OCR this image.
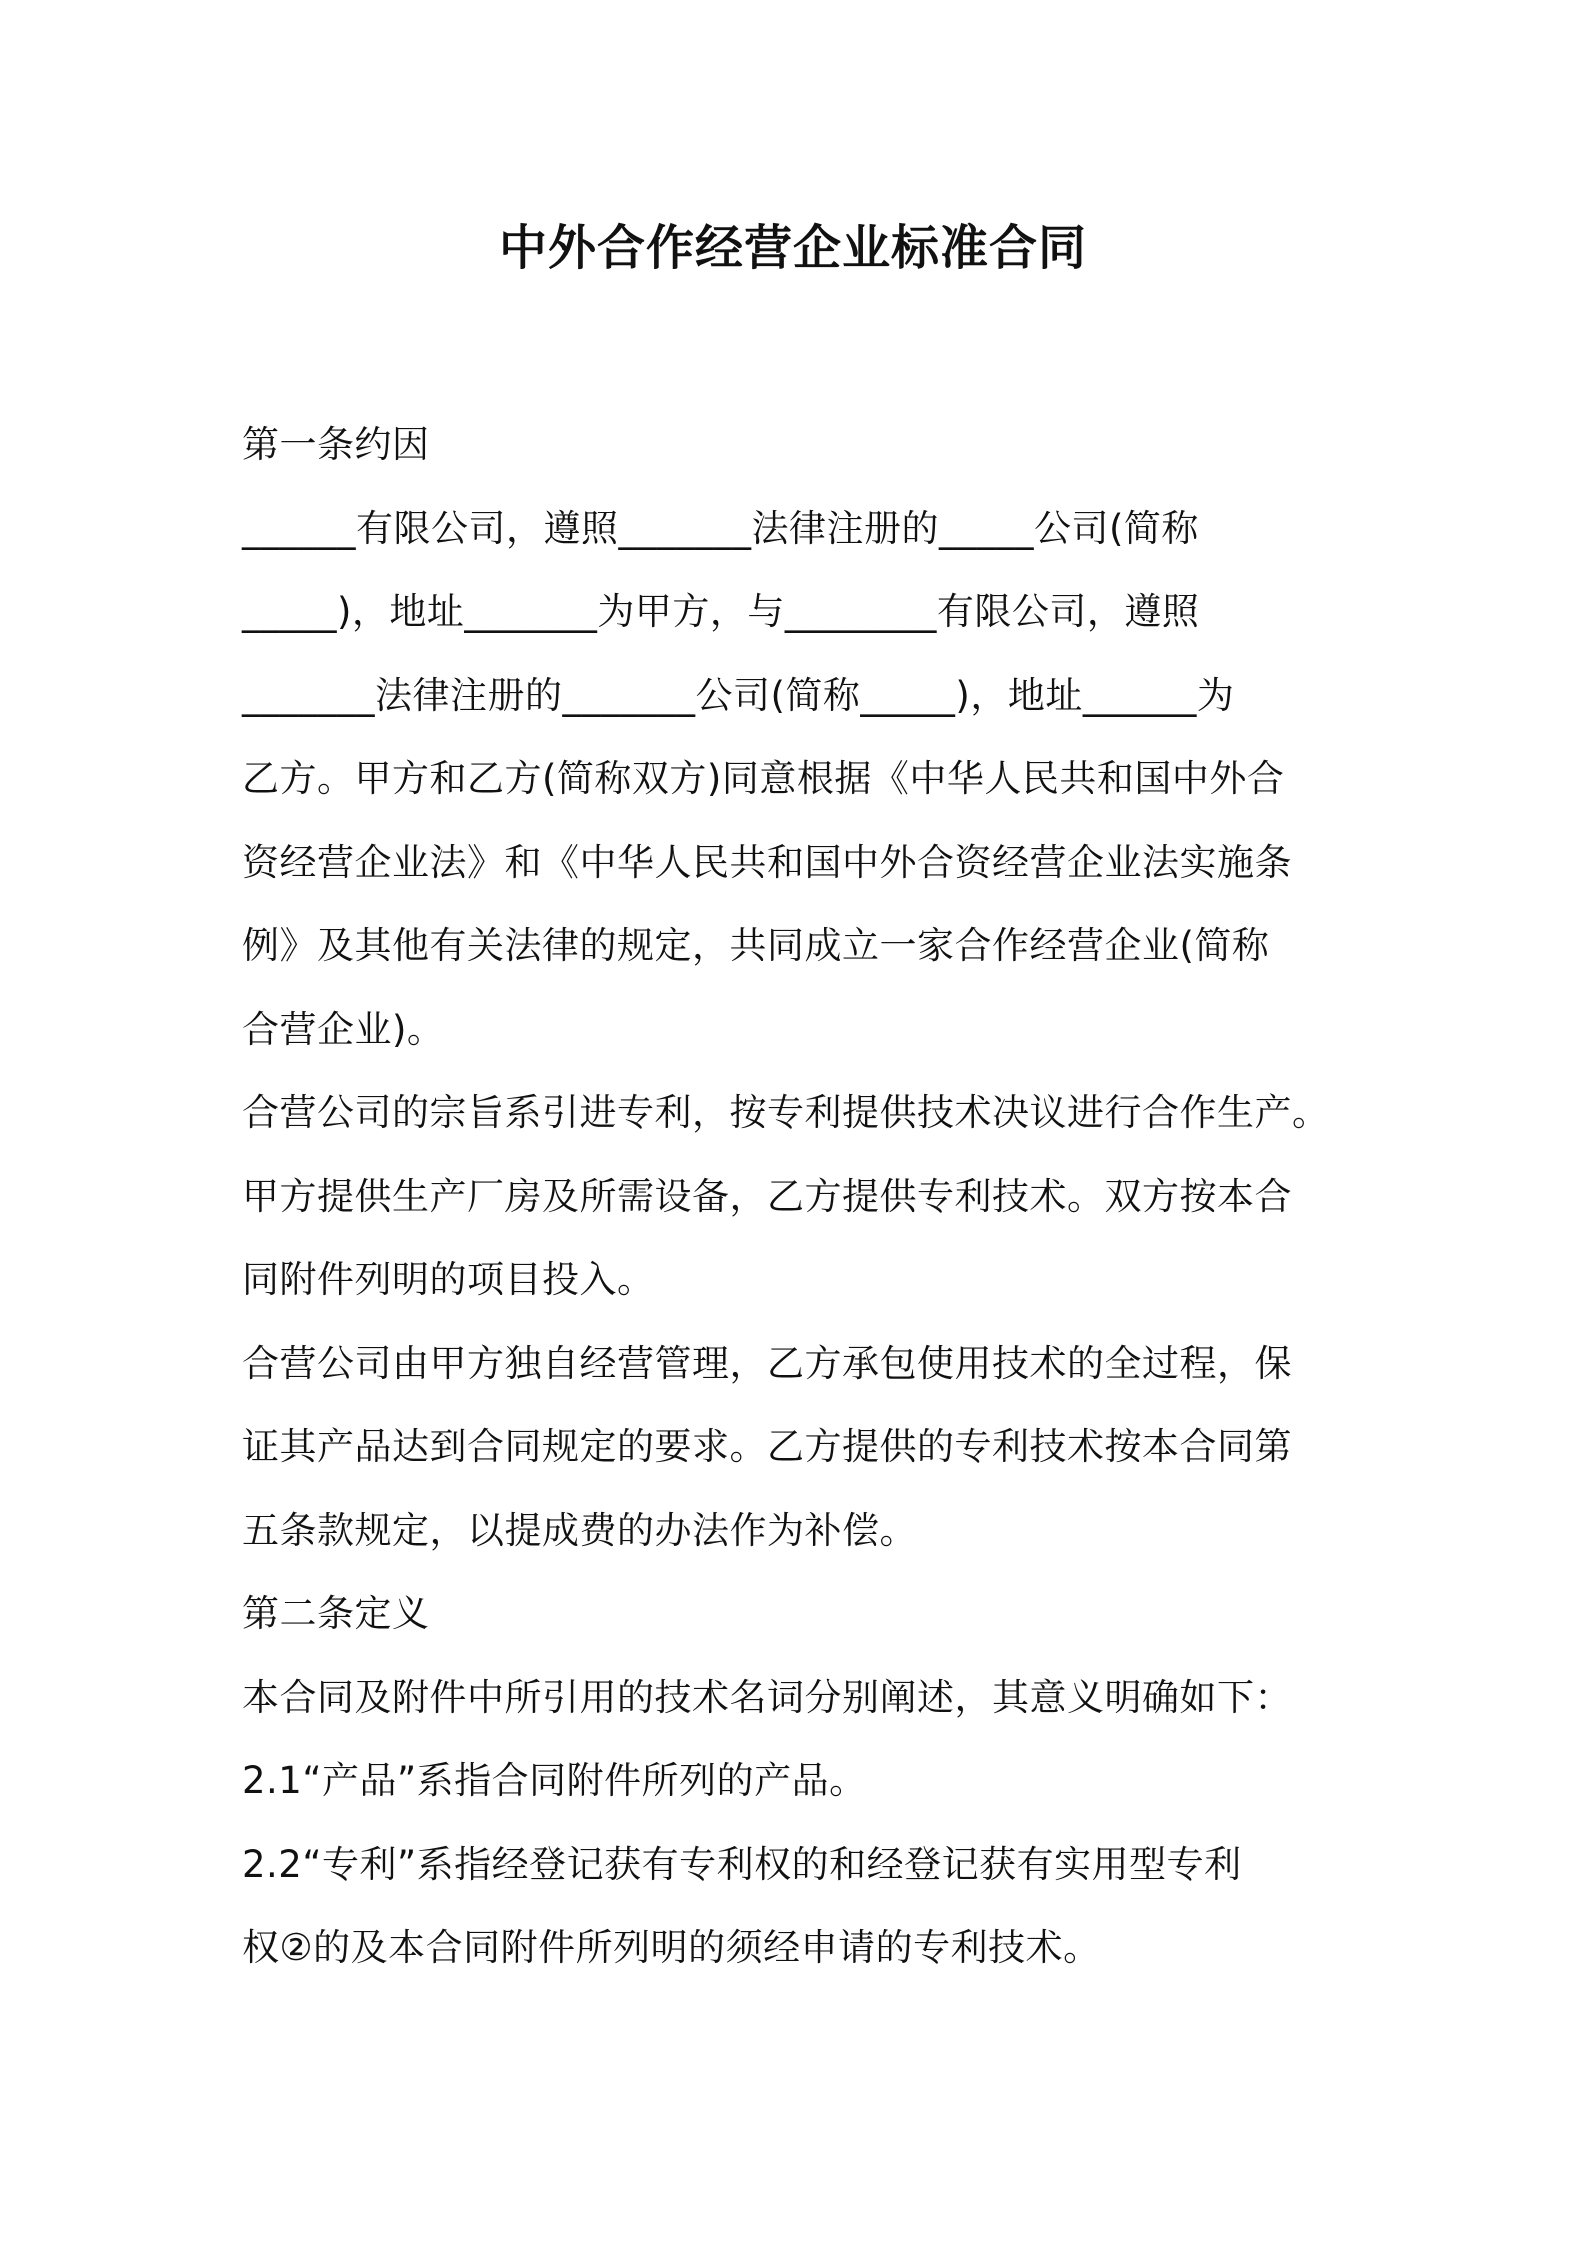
中外合作经营企业标准合同
第一条约因
______有限公司，遵照_______法律注册的_____公司(简称
_____)，地址_______为甲方，与________有限公司，遵照
_______法律注册的_______公司(简称_____)，地址______为
乙方。甲方和乙方(简称双方)同意根据《中华人民共和国中外合
资经营企业法》和《中华人民共和国中外合资经营企业法实施条
例》及其他有关法律的规定，共同成立一家合作经营企业(简称
合营企业)。
合营公司的宗旨系引进专利，按专利提供技术决议进行合作生产。
甲方提供生产厂房及所需设备，乙方提供专利技术。双方按本合
同附件列明的项目投入。
合营公司由甲方独自经营管理，乙方承包使用技术的全过程，保
证其产品达到合同规定的要求。乙方提供的专利技术按本合同第
五条款规定，以提成费的办法作为补偿。
第二条定义
本合同及附件中所引用的技术名词分别阐述，其意义明确如下：
2.1“产品”系指合同附件所列的产品。
2.2“专利”系指经登记获有专利权的和经登记获有实用型专利
权②的及本合同附件所列明的须经申请的专利技术。
